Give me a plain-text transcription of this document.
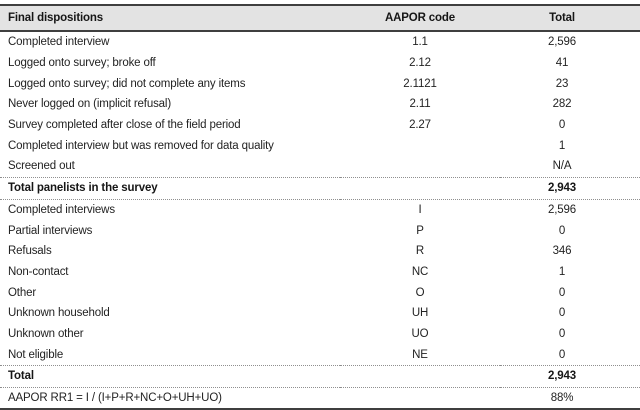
Final dispositions	AAPOR code	Total
Completed interview	1.1	2,596
Logged onto survey; broke off	2.12	41
Logged onto survey; did not complete any items	2.1121	23
Never logged on (implicit refusal)	2.11	282
Survey completed after close of the field period	2.27	0
Completed interview but was removed for data quality		1
Screened out		N/A
Total panelists in the survey		2,943
Completed interviews	I	2,596
Partial interviews	P	0
Refusals	R	346
Non-contact	NC	1
Other	O	0
Unknown household	UH	0
Unknown other	UO	0
Not eligible	NE	0
Total		2,943
AAPOR RR1 = I / (I+P+R+NC+O+UH+UO)		88%
